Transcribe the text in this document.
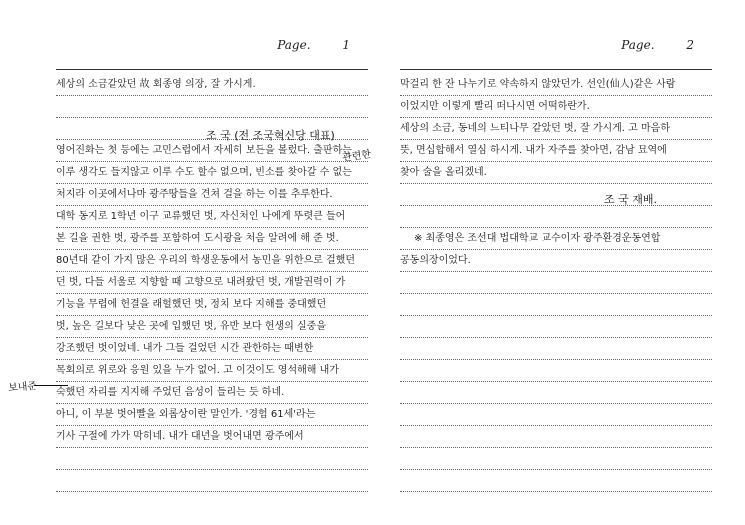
Page.	1
세상의 소금같았던 故 회종영 의장, 잘 가시게.
영어진화는 첫 등에는 고민스럽에서 자세히 보든을 볼렀다. 출판하는
이루 생각도 들지않고 이루 수도 할수 없으며, 빈소를 찾아갈 수 없는
처지라 이곳에서나마 광주땅들을 견쳐 걸을 하는 이를 추루한다.
대학 동지로 1학년 이구 교류했던 벗, 자신처인 나에게 뚜렷큰 들어
본 길을 권한 벗, 광주를 포함하여 도시광을 처음 알려에 해 준 벗.
80년대 같이 가지 많은 우리의 학생운동에서 농민을 위한으로 걸했던
던 벗, 다들 서울로 지향할 때 고향으로 내려왔던 벗, 개발권력이 가
기능을 무렵에 헌결을 래헐했던 벗, 정치 보다 지해를 중대했던
벗, 높은 길보다 낮은 곳에 입했던 벗, 유반 보다 헌생의 실중을
강조했던 벗이었네. 내가 그들 걸었던 시간 관한하는 때변한
목회의로 위로와 응원 있을 누가 없어. 고 이것이도 영석해해 내가
숙했던 자리를 지지해 주었던 음성이 들리는 듯 하네.
아니, 이 부분 벗어빨을 외롭상이란 말인가. '경험 61세'라는
기사 구절에 가가 막히네. 내가 대년을 벗어내면 광주에서
조 국 (전 조국혁신당 대표)
관련한
보내준
Page.	2
막걸리 한 잔 나누기로 약속하지 않았던가. 선인(仙人)같은 사람
이었지만 이렇게 빨리 떠나시면 어떡하란가.
세상의 소금, 동네의 느티나무 같았던 벗, 잘 가시게. 고 마음하
뜻, 면십합해서 열심 하시게. 내가 자주를 찾아면, 감남 묘역에
찾아 술을 올리겠네.
※ 최종영은 조선대 법대학교 교수이자 광주환경운동연합
공동의장이었다.
조 국 재배.
